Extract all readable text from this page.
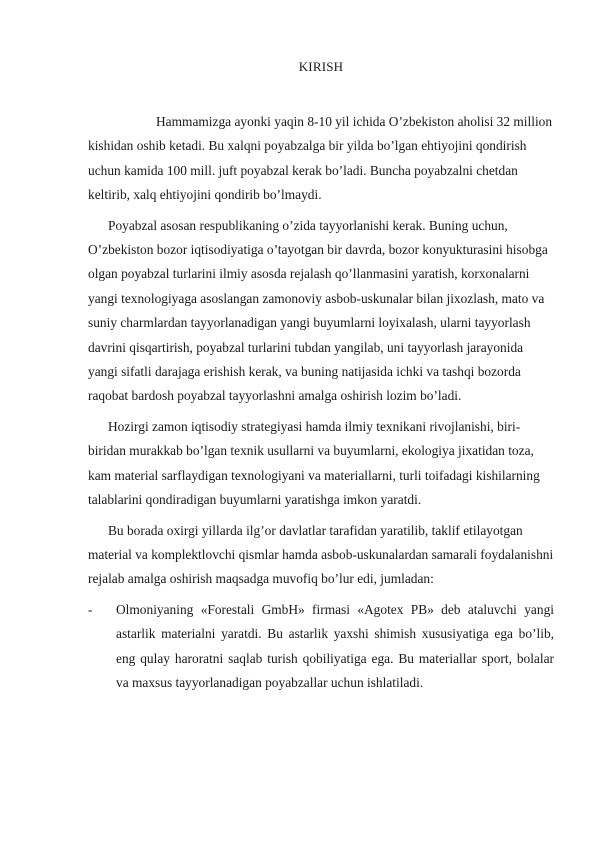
KIRISH

Hammamizga ayonki yaqin 8-10 yil ichida O’zbekiston aholisi 32 million kishidan oshib ketadi. Bu xalqni poyabzalga bir yilda bo’lgan ehtiyojini qondirish uchun kamida 100 mill. juft poyabzal kerak bo’ladi. Buncha poyabzalni chetdan keltirib, xalq ehtiyojini qondirib bo’lmaydi.

Poyabzal asosan respublikaning o’zida tayyorlanishi kerak. Buning uchun, O’zbekiston bozor iqtisodiyatiga o’tayotgan bir davrda, bozor konyukturasini hisobga olgan poyabzal turlarini ilmiy asosda rejalash qo’llanmasini yaratish, korxonalarni yangi texnologiyaga asoslangan zamonoviy asbob-uskunalar bilan jixozlash, mato va suniy charmlardan tayyorlanadigan yangi buyumlarni loyixalash, ularni tayyorlash davrini qisqartirish, poyabzal turlarini tubdan yangilab, uni tayyorlash jarayonida yangi sifatli darajaga erishish kerak, va buning natijasida ichki va tashqi bozorda raqobat bardosh poyabzal tayyorlashni amalga oshirish lozim bo’ladi.

Hozirgi zamon iqtisodiy strategiyasi hamda ilmiy texnikani rivojlanishi, biri-biridan murakkab bo’lgan texnik usullarni va buyumlarni, ekologiya jixatidan toza, kam material sarflaydigan texnologiyani va materiallarni, turli toifadagi kishilarning talablarini qondiradigan buyumlarni yaratishga imkon yaratdi.

Bu borada oxirgi yillarda ilg’or davlatlar tarafidan yaratilib, taklif etilayotgan material va komplektlovchi qismlar hamda asbob-uskunalardan samarali foydalanishni rejalab amalga oshirish maqsadga muvofiq bo’lur edi, jumladan:

- Olmoniyaning «Forestali GmbH» firmasi «Agotex PB» deb ataluvchi yangi astarlik materialni yaratdi. Bu astarlik yaxshi shimish xususiyatiga ega bo’lib, eng qulay haroratni saqlab turish qobiliyatiga ega. Bu materiallar sport, bolalar va maxsus tayyorlanadigan poyabzallar uchun ishlatiladi.
